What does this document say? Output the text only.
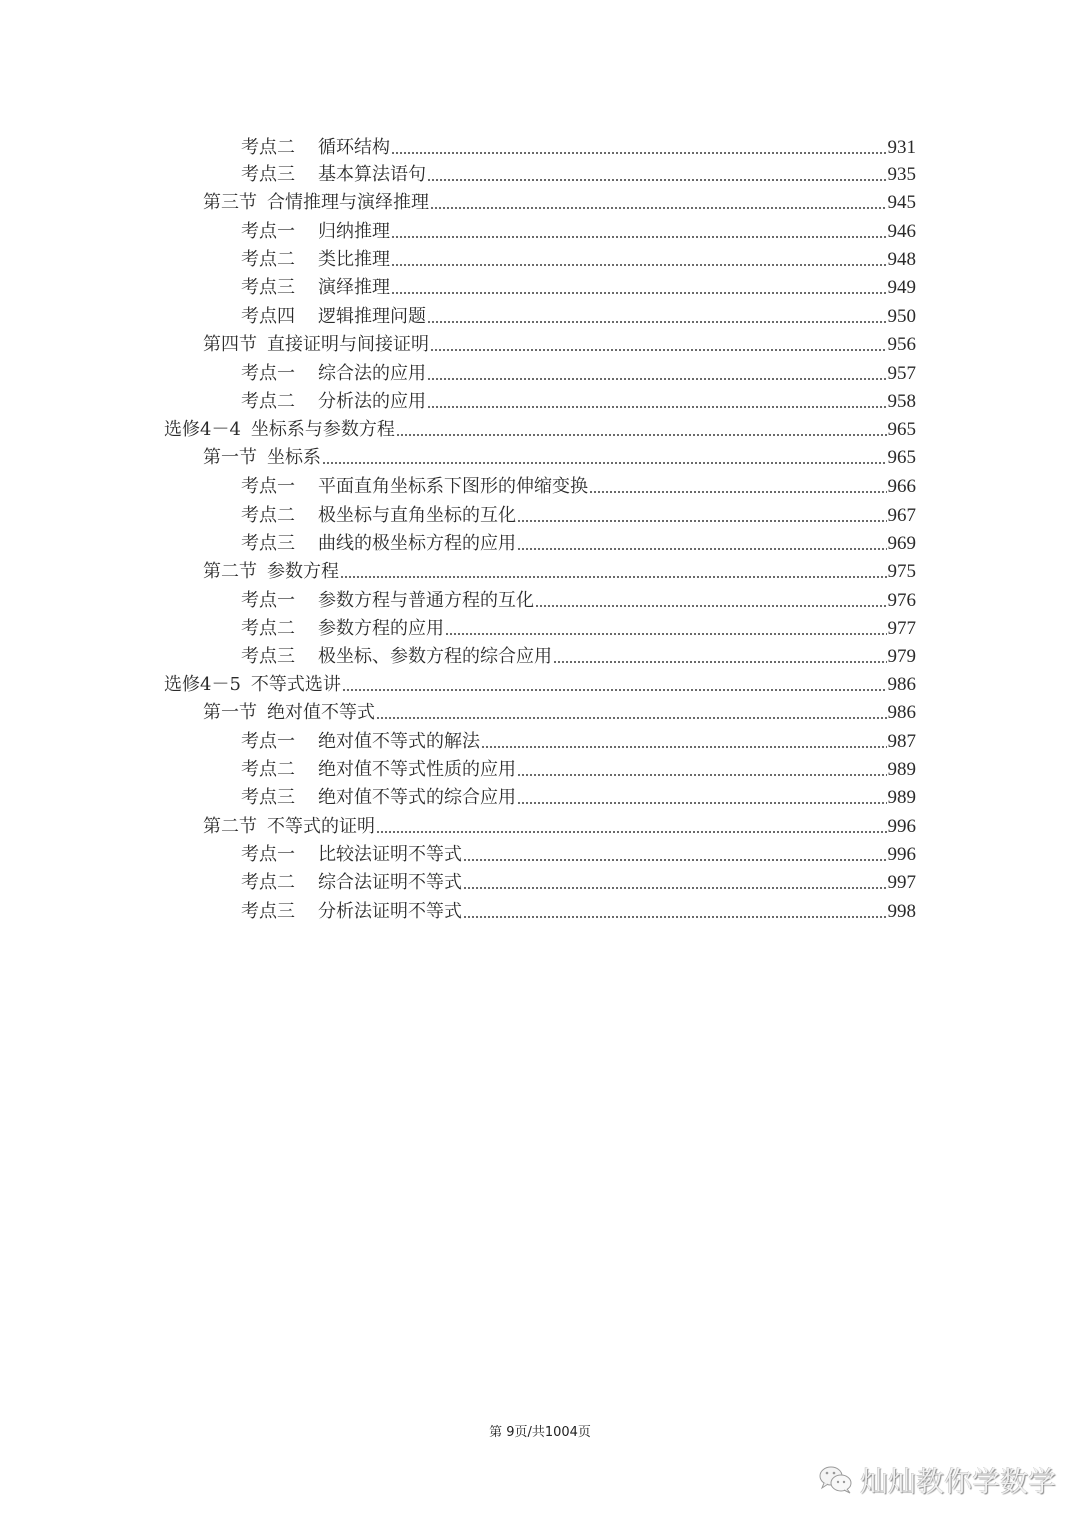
考点二	循环结构	931
考点三	基本算法语句	935
第三节 合情推理与演绎推理	945
考点一	归纳推理	946
考点二	类比推理	948
考点三	演绎推理	949
考点四	逻辑推理问题	950
第四节 直接证明与间接证明	956
考点一	综合法的应用	957
考点二	分析法的应用	958
选修4－4 坐标系与参数方程	965
第一节 坐标系	965
考点一	平面直角坐标系下图形的伸缩变换	966
考点二	极坐标与直角坐标的互化	967
考点三	曲线的极坐标方程的应用	969
第二节 参数方程	975
考点一	参数方程与普通方程的互化	976
考点二	参数方程的应用	977
考点三	极坐标、参数方程的综合应用	979
选修4－5 不等式选讲	986
第一节 绝对值不等式	986
考点一	绝对值不等式的解法	987
考点二	绝对值不等式性质的应用	989
考点三	绝对值不等式的综合应用	989
第二节 不等式的证明	996
考点一	比较法证明不等式	996
考点二	综合法证明不等式	997
考点三	分析法证明不等式	998
第 9页/共1004页
灿灿教你学数学
